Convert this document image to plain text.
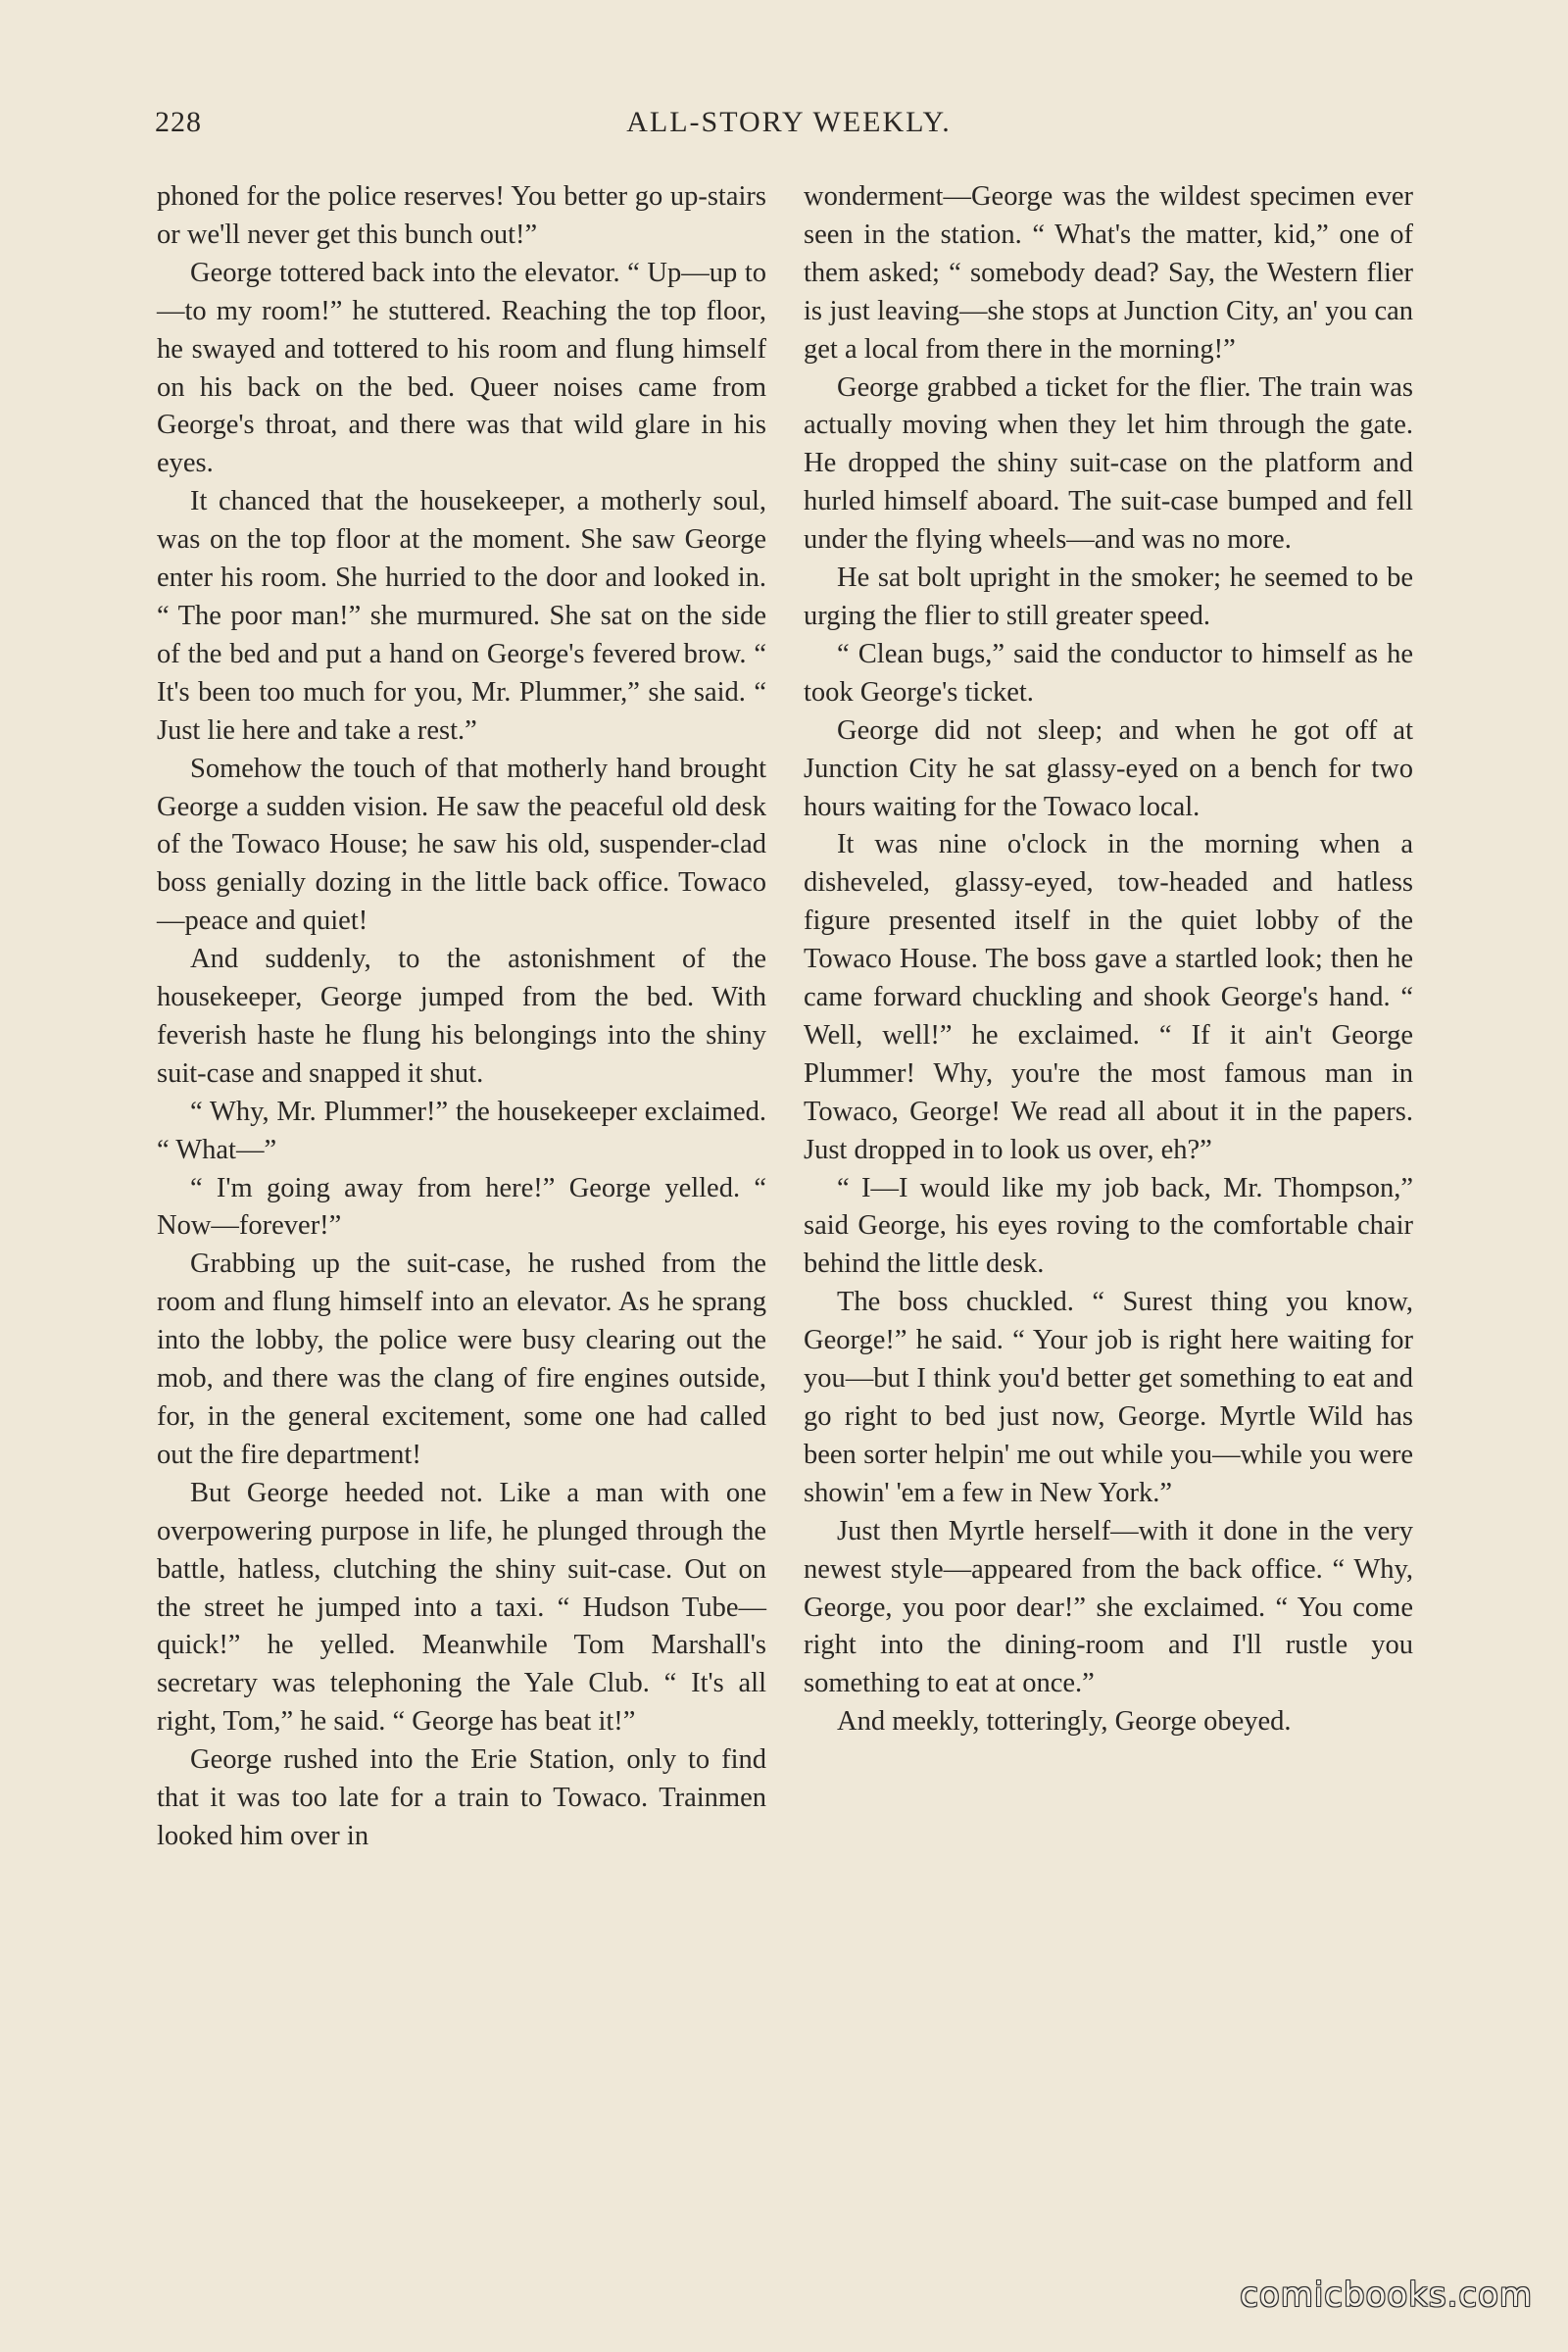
228	ALL-STORY WEEKLY.

phoned for the police reserves! You better go up-stairs or we'll never get this bunch out!”

George tottered back into the elevator. “ Up—up to—to my room!” he stuttered. Reaching the top floor, he swayed and tottered to his room and flung himself on his back on the bed. Queer noises came from George's throat, and there was that wild glare in his eyes.

It chanced that the housekeeper, a motherly soul, was on the top floor at the moment. She saw George enter his room. She hurried to the door and looked in. “ The poor man!” she murmured. She sat on the side of the bed and put a hand on George's fevered brow. “ It's been too much for you, Mr. Plummer,” she said. “ Just lie here and take a rest.”

Somehow the touch of that motherly hand brought George a sudden vision. He saw the peaceful old desk of the Towaco House; he saw his old, suspender-clad boss genially dozing in the little back office. Towaco—peace and quiet!

And suddenly, to the astonishment of the housekeeper, George jumped from the bed. With feverish haste he flung his belongings into the shiny suit-case and snapped it shut.

“ Why, Mr. Plummer!” the housekeeper exclaimed. “ What—”

“ I'm going away from here!” George yelled. “ Now—forever!”

Grabbing up the suit-case, he rushed from the room and flung himself into an elevator. As he sprang into the lobby, the police were busy clearing out the mob, and there was the clang of fire engines outside, for, in the general excitement, some one had called out the fire department!

But George heeded not. Like a man with one overpowering purpose in life, he plunged through the battle, hatless, clutching the shiny suit-case. Out on the street he jumped into a taxi. “ Hudson Tube—quick!” he yelled. Meanwhile Tom Marshall's secretary was telephoning the Yale Club. “ It's all right, Tom,” he said. “ George has beat it!”

George rushed into the Erie Station, only to find that it was too late for a train to Towaco. Trainmen looked him over in

wonderment—George was the wildest specimen ever seen in the station. “ What's the matter, kid,” one of them asked; “ somebody dead? Say, the Western flier is just leaving—she stops at Junction City, an' you can get a local from there in the morning!”

George grabbed a ticket for the flier. The train was actually moving when they let him through the gate. He dropped the shiny suit-case on the platform and hurled himself aboard. The suit-case bumped and fell under the flying wheels—and was no more.

He sat bolt upright in the smoker; he seemed to be urging the flier to still greater speed.

“ Clean bugs,” said the conductor to himself as he took George's ticket.

George did not sleep; and when he got off at Junction City he sat glassy-eyed on a bench for two hours waiting for the Towaco local.

It was nine o'clock in the morning when a disheveled, glassy-eyed, tow-headed and hatless figure presented itself in the quiet lobby of the Towaco House. The boss gave a startled look; then he came forward chuckling and shook George's hand. “ Well, well!” he exclaimed. “ If it ain't George Plummer! Why, you're the most famous man in Towaco, George! We read all about it in the papers. Just dropped in to look us over, eh?”

“ I—I would like my job back, Mr. Thompson,” said George, his eyes roving to the comfortable chair behind the little desk.

The boss chuckled. “ Surest thing you know, George!” he said. “ Your job is right here waiting for you—but I think you'd better get something to eat and go right to bed just now, George. Myrtle Wild has been sorter helpin' me out while you—while you were showin' 'em a few in New York.”

Just then Myrtle herself—with it done in the very newest style—appeared from the back office. “ Why, George, you poor dear!” she exclaimed. “ You come right into the dining-room and I'll rustle you something to eat at once.”

And meekly, totteringly, George obeyed.

comicbooks.com
